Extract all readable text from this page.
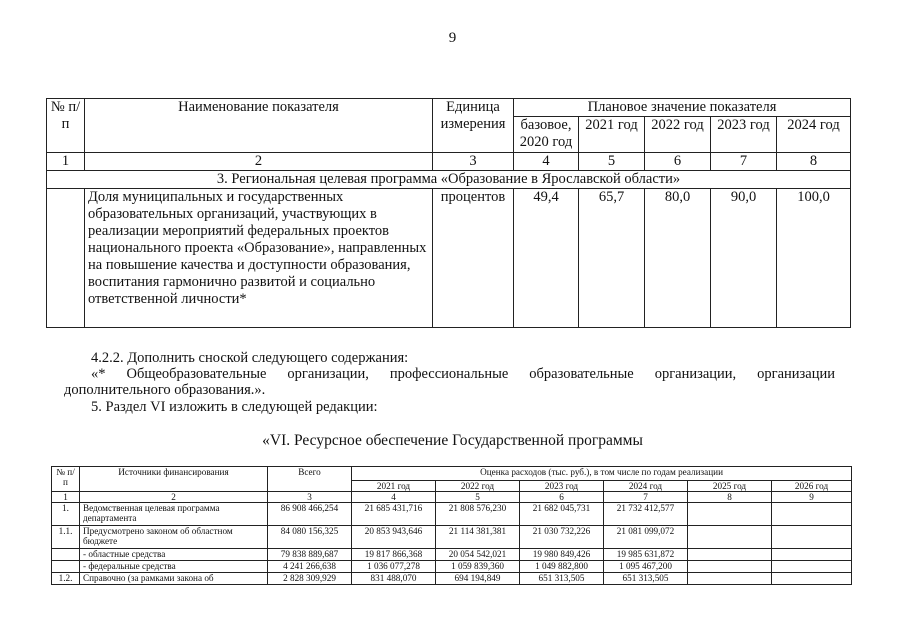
9
№ п/п	Наименование показателя	Единица измерения	Плановое значение показателя				
			базовое, 2020 год	2021 год	2022 год	2023 год	2024 год
1	2	3	4	5	6	7	8
3. Региональная целевая программа «Образование в Ярославской области»							
	Доля муниципальных и государственных образовательных организаций, участвующих в реализации мероприятий федеральных проектов национального проекта «Образование», направленных на повышение качества и доступности образования, воспитания гармонично развитой и социально ответственной личности*	процентов	49,4	65,7	80,0	90,0	100,0
4.2.2. Дополнить сноской следующего содержания:
«* Общеобразовательные организации, профессиональные образовательные организации, организации
дополнительного образования.».
5. Раздел VI изложить в следующей редакции:
«VI. Ресурсное обеспечение Государственной программы
№ п/п	Источники финансирования	Всего	Оценка расходов (тыс. руб.), в том числе по годам реализации					
			2021 год	2022 год	2023 год	2024 год	2025 год	2026 год
1	2	3	4	5	6	7	8	9
1.	Ведомственная целевая программа департамента	86 908 466,254	21 685 431,716	21 808 576,230	21 682 045,731	21 732 412,577		
1.1.	Предусмотрено законом об областном бюджете	84 080 156,325	20 853 943,646	21 114 381,381	21 030 732,226	21 081 099,072		
	- областные средства	79 838 889,687	19 817 866,368	20 054 542,021	19 980 849,426	19 985 631,872		
	- федеральные средства	4 241 266,638	1 036 077,278	1 059 839,360	1 049 882,800	1 095 467,200		
1.2.	Справочно (за рамками закона об	2 828 309,929	831 488,070	694 194,849	651 313,505	651 313,505		
